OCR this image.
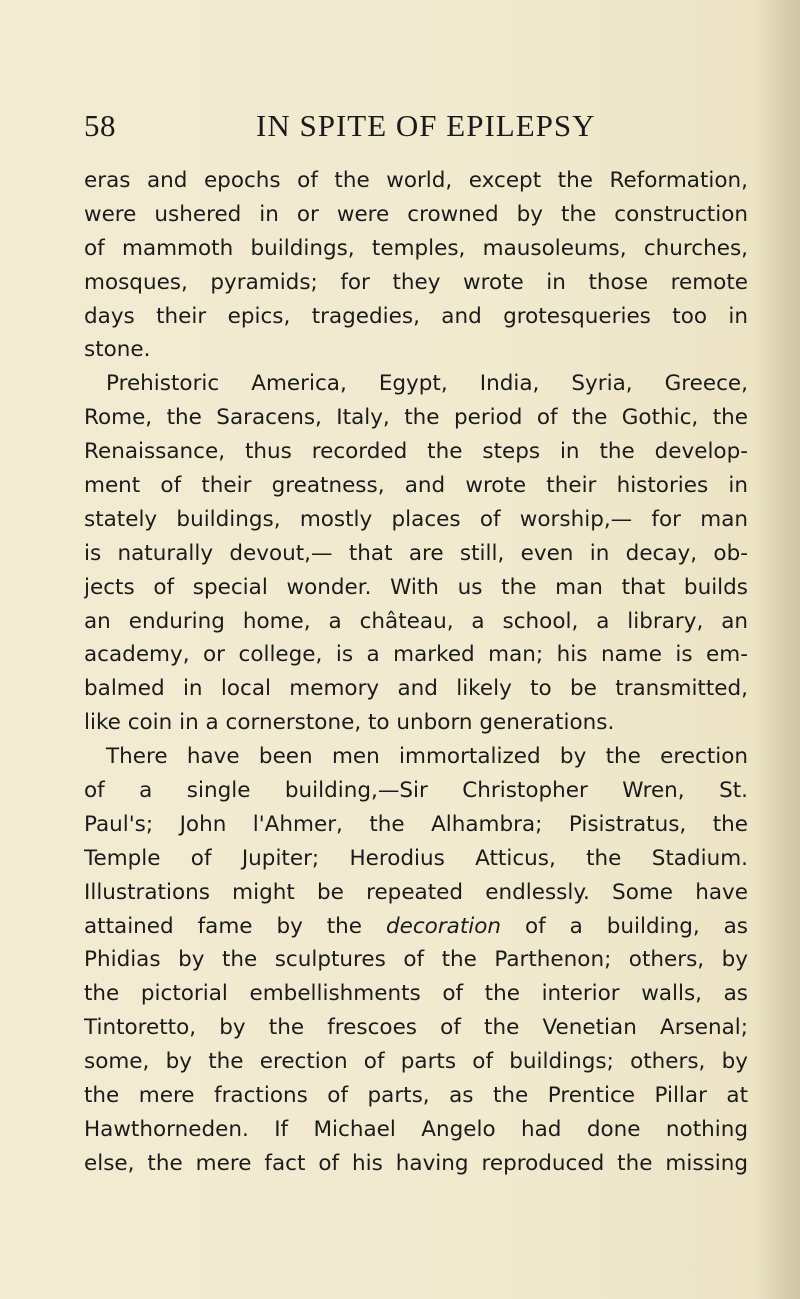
58	IN SPITE OF EPILEPSY
eras and epochs of the world, except the Reformation,
were ushered in or were crowned by the construction
of mammoth buildings, temples, mausoleums, churches,
mosques, pyramids; for they wrote in those remote
days their epics, tragedies, and grotesqueries too in
stone.
Prehistoric America, Egypt, India, Syria, Greece,
Rome, the Saracens, Italy, the period of the Gothic, the
Renaissance, thus recorded the steps in the develop-
ment of their greatness, and wrote their histories in
stately buildings, mostly places of worship,— for man
is naturally devout,— that are still, even in decay, ob-
jects of special wonder. With us the man that builds
an enduring home, a château, a school, a library, an
academy, or college, is a marked man; his name is em-
balmed in local memory and likely to be transmitted,
like coin in a cornerstone, to unborn generations.
There have been men immortalized by the erection
of a single building,—Sir Christopher Wren, St.
Paul's; John l'Ahmer, the Alhambra; Pisistratus, the
Temple of Jupiter; Herodius Atticus, the Stadium.
Illustrations might be repeated endlessly. Some have
attained fame by the decoration of a building, as
Phidias by the sculptures of the Parthenon; others, by
the pictorial embellishments of the interior walls, as
Tintoretto, by the frescoes of the Venetian Arsenal;
some, by the erection of parts of buildings; others, by
the mere fractions of parts, as the Prentice Pillar at
Hawthorneden. If Michael Angelo had done nothing
else, the mere fact of his having reproduced the missing
